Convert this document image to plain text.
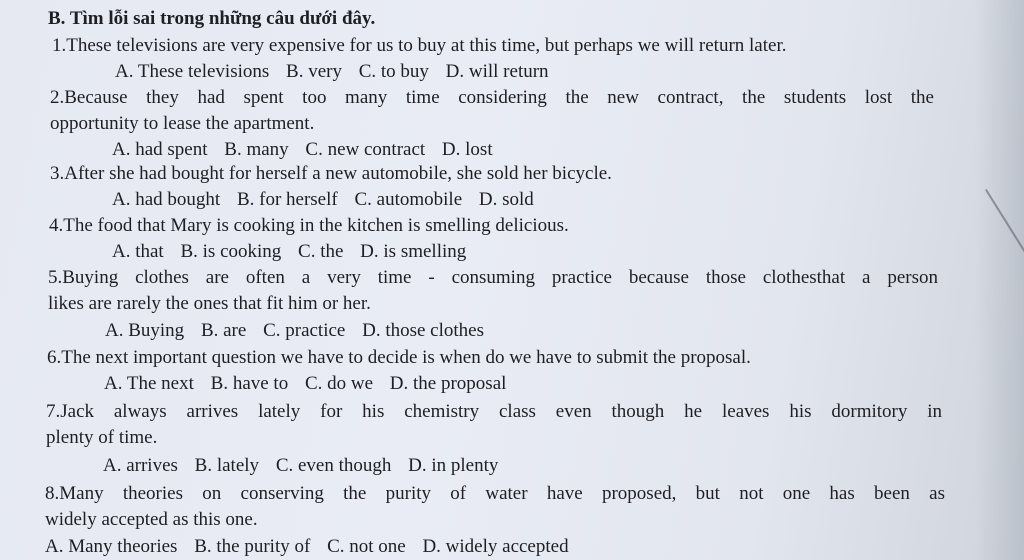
B. Tìm lỗi sai trong những câu dưới đây.
1.These televisions are very expensive for us to buy at this time, but perhaps we will return later.
A. These televisions B. very C. to buy D. will return
2.Because they had spent too many time considering the new contract, the students lost the
opportunity to lease the apartment.
A. had spent B. many C. new contract D. lost
3.After she had bought for herself a new automobile, she sold her bicycle.
A. had bought B. for herself C. automobile D. sold
4.The food that Mary is cooking in the kitchen is smelling delicious.
A. that B. is cooking C. the D. is smelling
5.Buying clothes are often a very time - consuming practice because those clothesthat a person
likes are rarely the ones that fit him or her.
A. Buying B. are C. practice D. those clothes
6.The next important question we have to decide is when do we have to submit the proposal.
A. The next B. have to C. do we D. the proposal
7.Jack always arrives lately for his chemistry class even though he leaves his dormitory in
plenty of time.
A. arrives B. lately C. even though D. in plenty
8.Many theories on conserving the purity of water have proposed, but not one has been as
widely accepted as this one.
A. Many theories B. the purity of C. not one D. widely accepted
